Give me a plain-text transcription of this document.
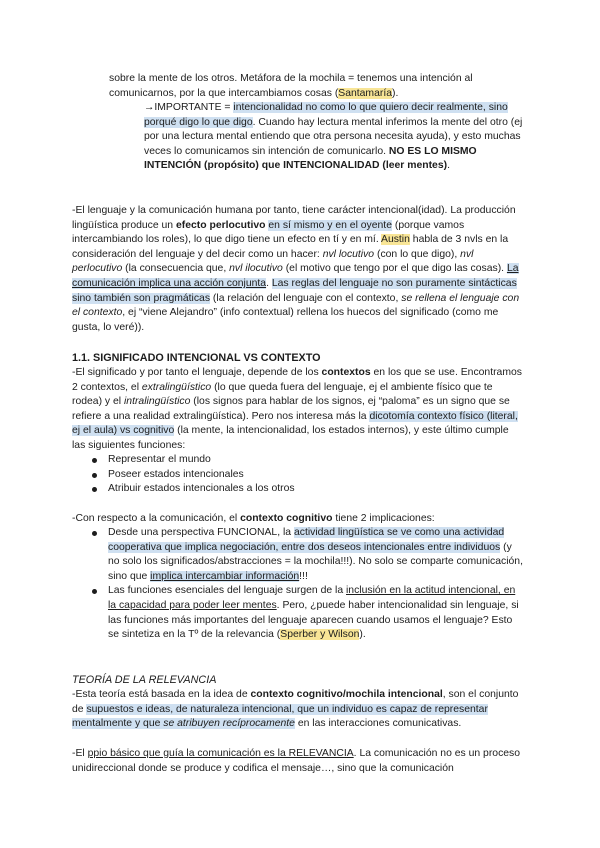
sobre la mente de los otros. Metáfora de la mochila = tenemos una intención al

comunicarnos, por la que intercambiamos cosas (Santamaría).

→IMPORTANTE = intencionalidad no como lo que quiero decir realmente, sino porqué digo lo que digo. Cuando hay lectura mental inferimos la mente del otro (ej por una lectura mental entiendo que otra persona necesita ayuda), y esto muchas veces lo comunicamos sin intención de comunicarlo. NO ES LO MISMO INTENCIÓN (propósito) que INTENCIONALIDAD (leer mentes).

-El lenguaje y la comunicación humana por tanto, tiene carácter intencional(idad). La producción lingüística produce un efecto perlocutivo en sí mismo y en el oyente (porque vamos intercambiando los roles), lo que digo tiene un efecto en tí y en mí. Austin habla de 3 nvls en la consideración del lenguaje y del decir como un hacer: nvl locutivo (con lo que digo), nvl perlocutivo (la consecuencia que, nvl ilocutivo (el motivo que tengo por el que digo las cosas). La comunicación implica una acción conjunta. Las reglas del lenguaje no son puramente sintácticas sino también son pragmáticas (la relación del lenguaje con el contexto, se rellena el lenguaje con el contexto, ej “viene Alejandro” (info contextual) rellena los huecos del significado (como me gusta, lo veré)).

1.1. SIGNIFICADO INTENCIONAL VS CONTEXTO

-El significado y por tanto el lenguaje, depende de los contextos en los que se use. Encontramos 2 contextos, el extralingüístico (lo que queda fuera del lenguaje, ej el ambiente físico que te rodea) y el intralingüístico (los signos para hablar de los signos, ej “paloma” es un signo que se refiere a una realidad extralingüística). Pero nos interesa más la dicotomía contexto físico (literal, ej el aula) vs cognitivo (la mente, la intencionalidad, los estados internos), y este último cumple las siguientes funciones:

Representar el mundo
Poseer estados intencionales
Atribuir estados intencionales a los otros

-Con respecto a la comunicación, el contexto cognitivo tiene 2 implicaciones:

Desde una perspectiva FUNCIONAL, la actividad lingüística se ve como una actividad cooperativa que implica negociación, entre dos deseos intencionales entre individuos (y no solo los significados/abstracciones = la mochila!!!). No solo se comparte comunicación, sino que implica intercambiar información!!!
Las funciones esenciales del lenguaje surgen de la inclusión en la actitud intencional, en la capacidad para poder leer mentes. Pero, ¿puede haber intencionalidad sin lenguaje, si las funciones más importantes del lenguaje aparecen cuando usamos el lenguaje? Esto se sintetiza en la Tº de la relevancia (Sperber y Wilson).
TEORÍA DE LA RELEVANCIA

-Esta teoría está basada en la idea de contexto cognitivo/mochila intencional, son el conjunto de supuestos e ideas, de naturaleza intencional, que un individuo es capaz de representar mentalmente y que se atribuyen recíprocamente en las interacciones comunicativas.

-El ppio básico que guía la comunicación es la RELEVANCIA. La comunicación no es un proceso unidireccional donde se produce y codifica el mensaje…, sino que la comunicación
